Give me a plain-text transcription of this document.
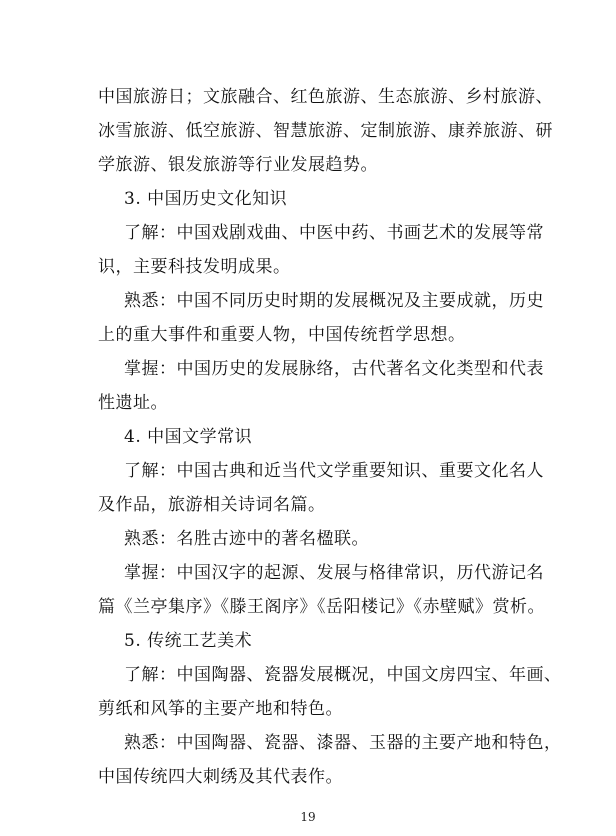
中国旅游日；文旅融合、红色旅游、生态旅游、乡村旅游、
冰雪旅游、低空旅游、智慧旅游、定制旅游、康养旅游、研
学旅游、银发旅游等行业发展趋势。
3. 中国历史文化知识
了解：中国戏剧戏曲、中医中药、书画艺术的发展等常
识，主要科技发明成果。
熟悉：中国不同历史时期的发展概况及主要成就，历史
上的重大事件和重要人物，中国传统哲学思想。
掌握：中国历史的发展脉络，古代著名文化类型和代表
性遗址。
4. 中国文学常识
了解：中国古典和近当代文学重要知识、重要文化名人
及作品，旅游相关诗词名篇。
熟悉：名胜古迹中的著名楹联。
掌握：中国汉字的起源、发展与格律常识，历代游记名
篇《兰亭集序》《滕王阁序》《岳阳楼记》《赤壁赋》赏析。
5. 传统工艺美术
了解：中国陶器、瓷器发展概况，中国文房四宝、年画、
剪纸和风筝的主要产地和特色。
熟悉：中国陶器、瓷器、漆器、玉器的主要产地和特色，
中国传统四大刺绣及其代表作。
19
